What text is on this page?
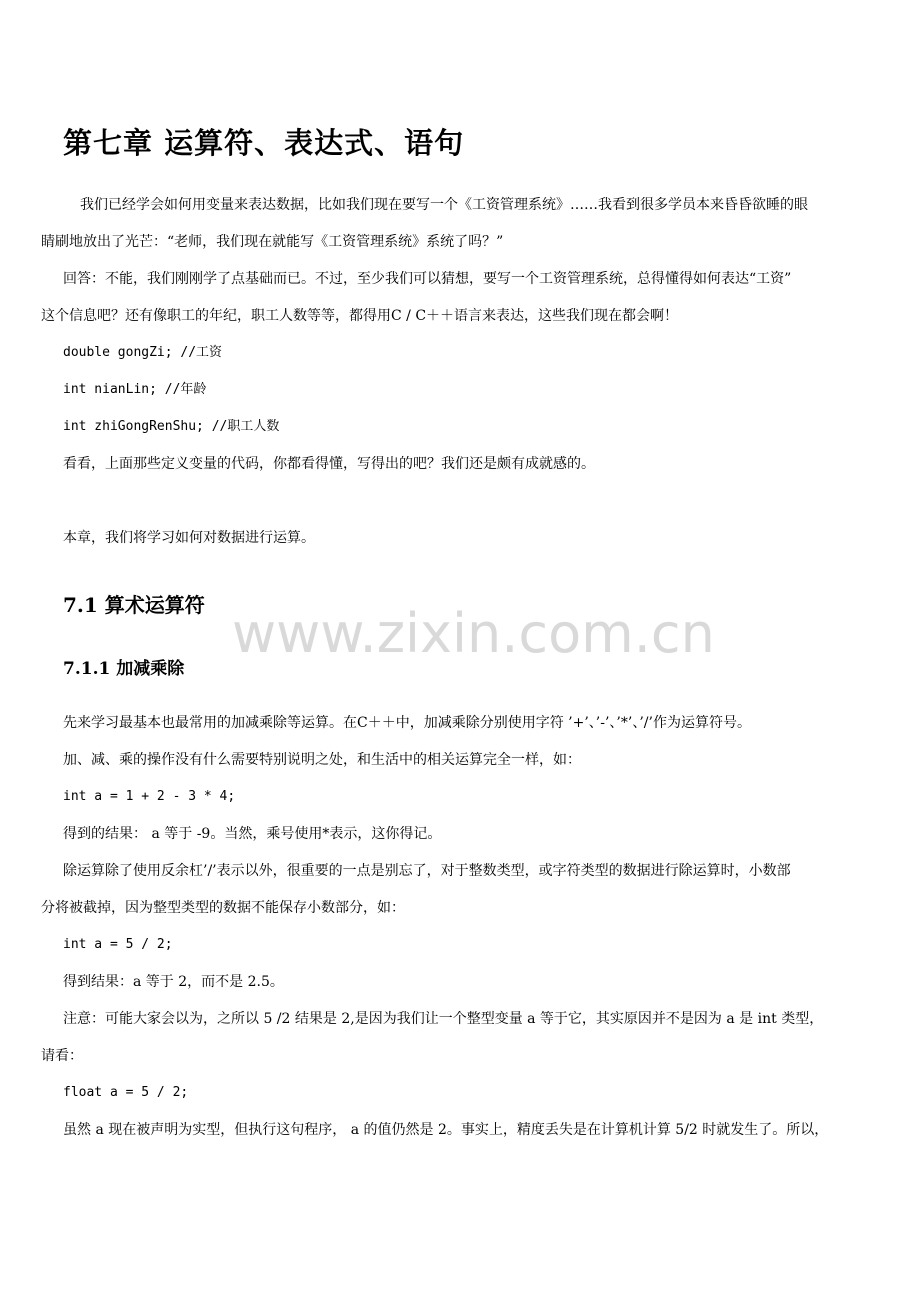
www.zixin.com.cn
第七章 运算符、表达式、语句
我们已经学会如何用变量来表达数据，比如我们现在要写一个《工资管理系统》……我看到很多学员本来昏昏欲睡的眼
睛刷地放出了光芒：“老师，我们现在就能写《工资管理系统》系统了吗？”
回答：不能，我们刚刚学了点基础而已。不过，至少我们可以猜想，要写一个工资管理系统，总得懂得如何表达“工资”
这个信息吧？还有像职工的年纪，职工人数等等，都得用C / C＋＋语言来表达，这些我们现在都会啊！
double gongZi; //工资
int nianLin; //年龄
int zhiGongRenShu; //职工人数
看看，上面那些定义变量的代码，你都看得懂，写得出的吧？我们还是颇有成就感的。
本章，我们将学习如何对数据进行运算。
7.1 算术运算符
7.1.1 加减乘除
先来学习最基本也最常用的加减乘除等运算。在C＋＋中，加减乘除分别使用字符 ’+’、’-’、’*’、’/’作为运算符号。
加、减、乘的操作没有什么需要特别说明之处，和生活中的相关运算完全一样，如：
int a = 1 + 2 - 3 * 4;
得到的结果： a 等于 -9。当然，乘号使用*表示，这你得记。
除运算除了使用反余杠’/’表示以外，很重要的一点是别忘了，对于整数类型，或字符类型的数据进行除运算时，小数部
分将被截掉，因为整型类型的数据不能保存小数部分，如：
int a = 5 / 2;
得到结果：a 等于 2，而不是 2.5。
注意：可能大家会以为，之所以 5 /2 结果是 2,是因为我们让一个整型变量 a 等于它，其实原因并不是因为 a 是 int 类型，
请看：
float a = 5 / 2;
虽然 a 现在被声明为实型，但执行这句程序， a 的值仍然是 2。事实上，精度丢失是在计算机计算 5/2 时就发生了。所以，
